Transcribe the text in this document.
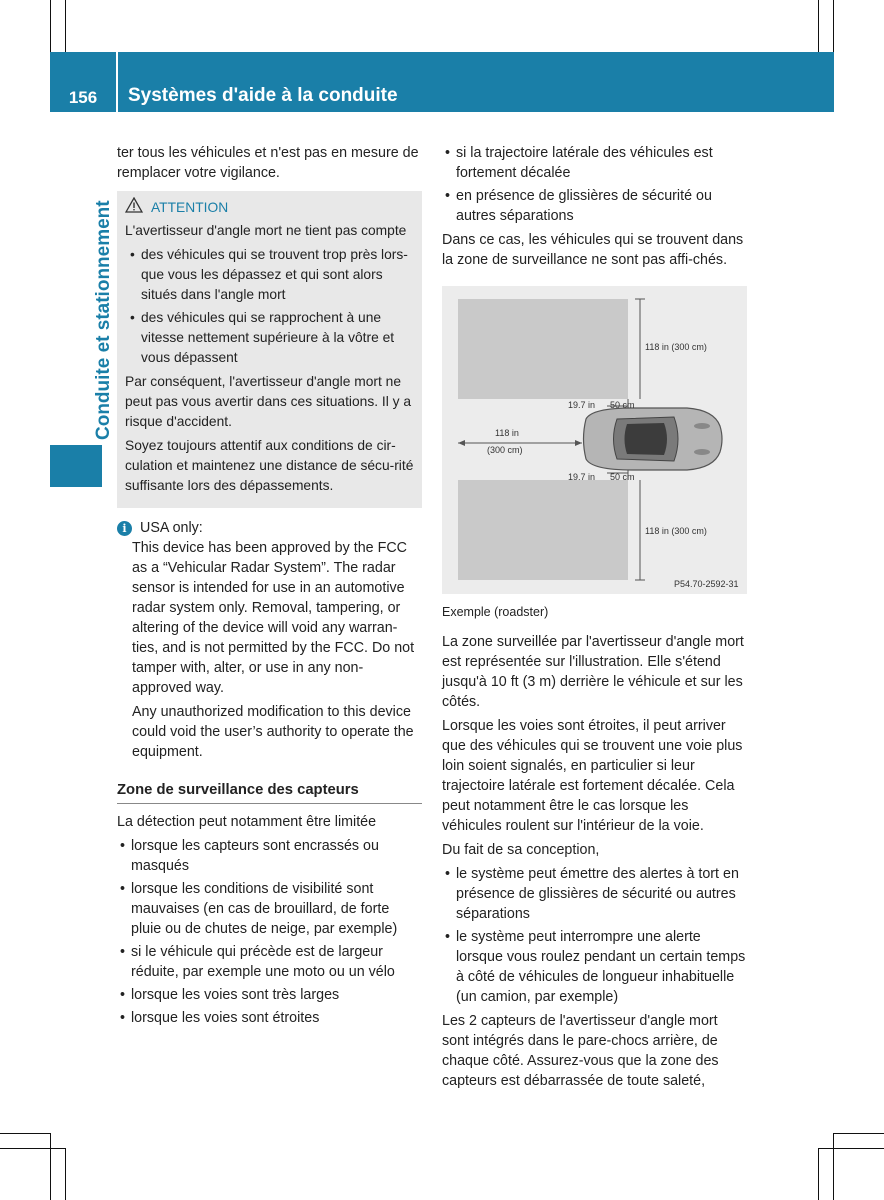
156	Systèmes d'aide à la conduite
Conduite et stationnement

ter tous les véhicules et n'est pas en mesure de remplacer votre vigilance.

ATTENTION

L'avertisseur d'angle mort ne tient pas compte

• des véhicules qui se trouvent trop près lors-que vous les dépassez et qui sont alors situés dans l'angle mort
• des véhicules qui se rapprochent à une vitesse nettement supérieure à la vôtre et vous dépassent

Par conséquent, l'avertisseur d'angle mort ne peut pas vous avertir dans ces situations. Il y a risque d'accident.

Soyez toujours attentif aux conditions de cir-culation et maintenez une distance de sécu-rité suffisante lors des dépassements.

i USA only:

This device has been approved by the FCC as a “Vehicular Radar System”. The radar sensor is intended for use in an automotive radar system only. Removal, tampering, or altering of the device will void any warran-ties, and is not permitted by the FCC. Do not tamper with, alter, or use in any non-approved way.

Any unauthorized modification to this device could void the user’s authority to operate the equipment.

Zone de surveillance des capteurs

La détection peut notamment être limitée

• lorsque les capteurs sont encrassés ou masqués
• lorsque les conditions de visibilité sont mauvaises (en cas de brouillard, de forte pluie ou de chutes de neige, par exemple)
• si le véhicule qui précède est de largeur réduite, par exemple une moto ou un vélo
• lorsque les voies sont très larges
• lorsque les voies sont étroites
• si la trajectoire latérale des véhicules est fortement décalée
• en présence de glissières de sécurité ou autres séparations

Dans ce cas, les véhicules qui se trouvent dans la zone de surveillance ne sont pas affi-chés.

118 in (300 cm)
118 in (300 cm)
118 in
(300 cm)
19.7 in 50 cm
19.7 in 50 cm
P54.70-2592-31
Exemple (roadster)

La zone surveillée par l'avertisseur d'angle mort est représentée sur l'illustration. Elle s'étend jusqu'à 10 ft (3 m) derrière le véhicule et sur les côtés.

Lorsque les voies sont étroites, il peut arriver que des véhicules qui se trouvent une voie plus loin soient signalés, en particulier si leur trajectoire latérale est fortement décalée. Cela peut notamment être le cas lorsque les véhicules roulent sur l'intérieur de la voie.

Du fait de sa conception,

• le système peut émettre des alertes à tort en présence de glissières de sécurité ou autres séparations
• le système peut interrompre une alerte lorsque vous roulez pendant un certain temps à côté de véhicules de longueur inhabituelle (un camion, par exemple)

Les 2 capteurs de l'avertisseur d'angle mort sont intégrés dans le pare-chocs arrière, de chaque côté. Assurez-vous que la zone des capteurs est débarrassée de toute saleté,
